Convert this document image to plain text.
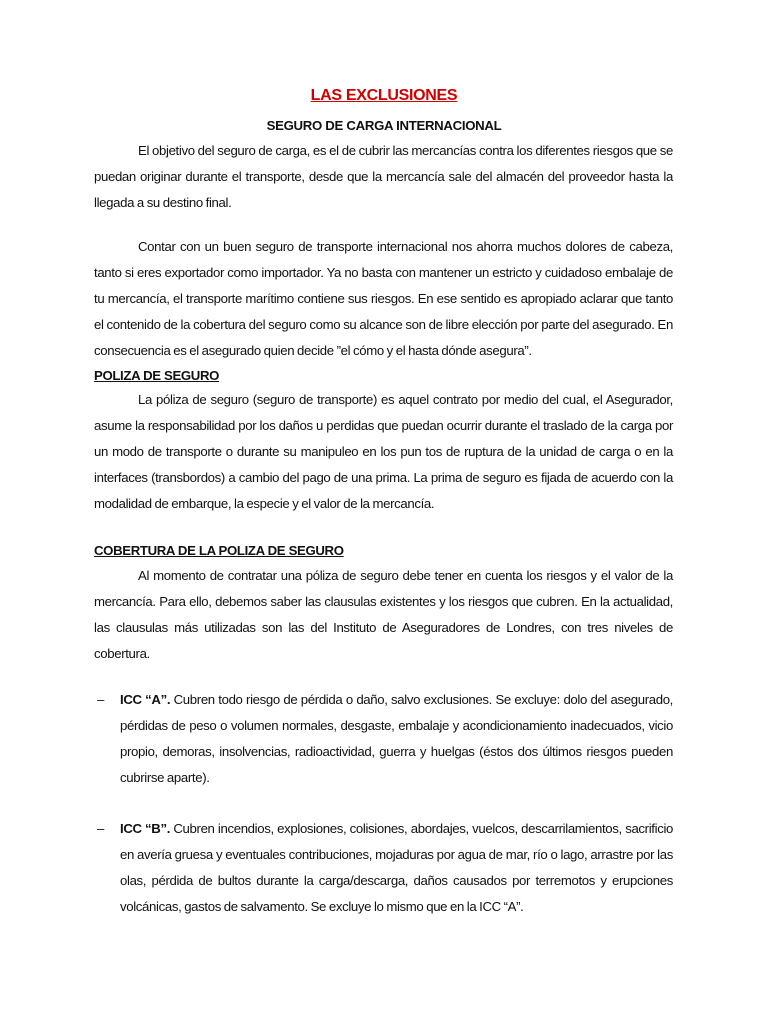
LAS EXCLUSIONES
SEGURO DE CARGA INTERNACIONAL

El objetivo del seguro de carga, es el de cubrir las mercancías contra los diferentes riesgos que se puedan originar durante el transporte, desde que la mercancía sale del almacén del proveedor hasta la llegada a su destino final.

Contar con un buen seguro de transporte internacional nos ahorra muchos dolores de cabeza, tanto si eres exportador como importador. Ya no basta con mantener un estricto y cuidadoso embalaje de tu mercancía, el transporte marítimo contiene sus riesgos. En ese sentido es apropiado aclarar que tanto el contenido de la cobertura del seguro como su alcance son de libre elección por parte del asegurado. En consecuencia es el asegurado quien decide ”el cómo y el hasta dónde asegura”.

POLIZA DE SEGURO

La póliza de seguro (seguro de transporte) es aquel contrato por medio del cual, el Asegurador, asume la responsabilidad por los daños u perdidas que puedan ocurrir durante el traslado de la carga por un modo de transporte o durante su manipuleo en los pun tos de ruptura de la unidad de carga o en la interfaces (transbordos) a cambio del pago de una prima. La prima de seguro es fijada de acuerdo con la modalidad de embarque, la especie y el valor de la mercancía.

COBERTURA DE LA POLIZA DE SEGURO

Al momento de contratar una póliza de seguro debe tener en cuenta los riesgos y el valor de la mercancía. Para ello, debemos saber las clausulas existentes y los riesgos que cubren. En la actualidad, las clausulas más utilizadas son las del Instituto de Aseguradores de Londres, con tres niveles de cobertura.

– ICC “A”. Cubren todo riesgo de pérdida o daño, salvo exclusiones. Se excluye: dolo del asegurado, pérdidas de peso o volumen normales, desgaste, embalaje y acondicionamiento inadecuados, vicio propio, demoras, insolvencias, radioactividad, guerra y huelgas (éstos dos últimos riesgos pueden cubrirse aparte).

– ICC “B”. Cubren incendios, explosiones, colisiones, abordajes, vuelcos, descarrilamientos, sacrificio en avería gruesa y eventuales contribuciones, mojaduras por agua de mar, río o lago, arrastre por las olas, pérdida de bultos durante la carga/descarga, daños causados por terremotos y erupciones volcánicas, gastos de salvamento. Se excluye lo mismo que en la ICC “A”.
